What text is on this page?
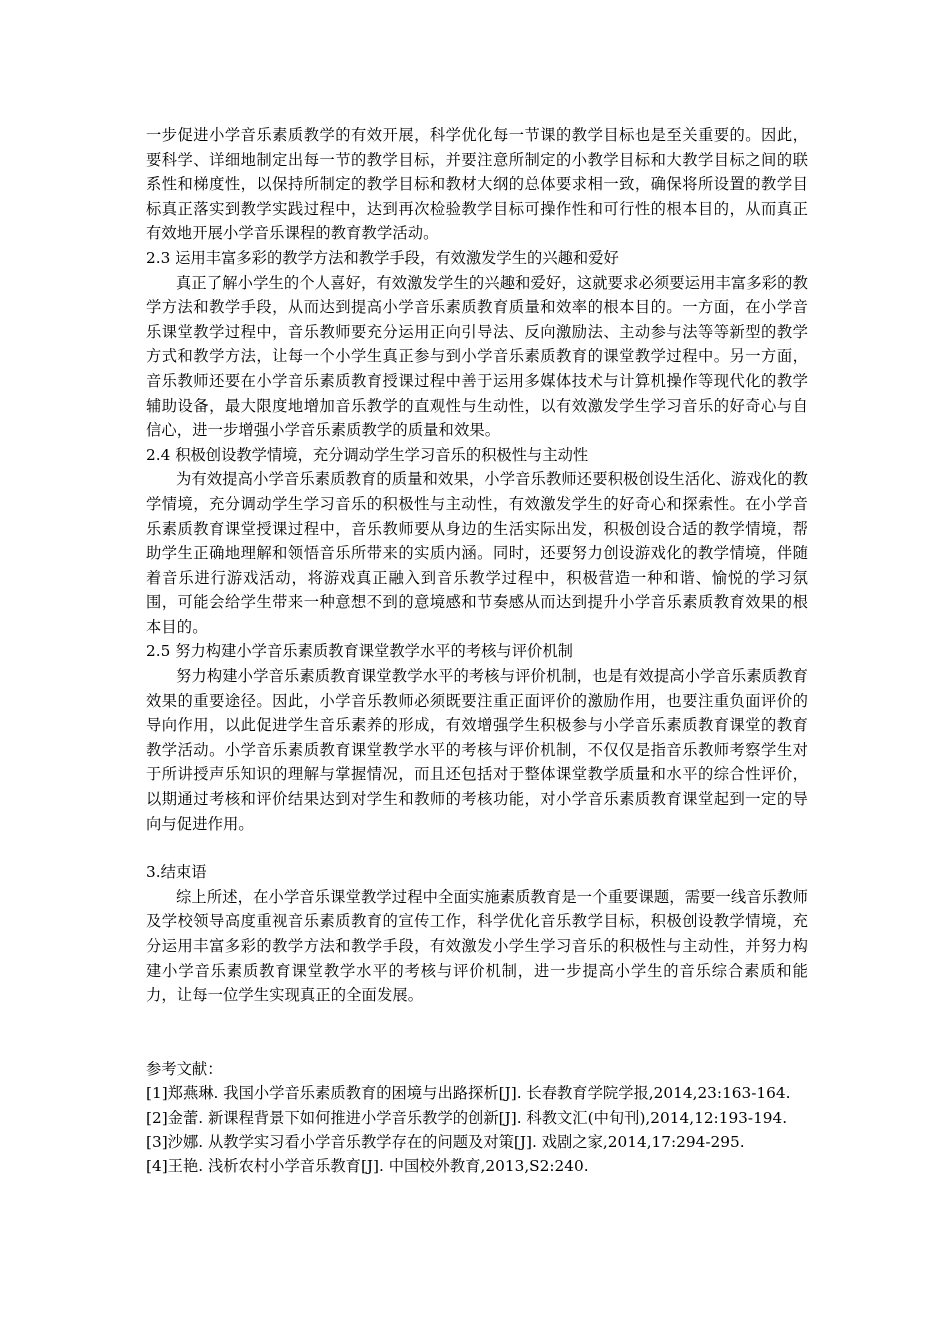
一步促进小学音乐素质教学的有效开展，科学优化每一节课的教学目标也是至关重要的。因此，要科学、详细地制定出每一节的教学目标，并要注意所制定的小教学目标和大教学目标之间的联系性和梯度性，以保持所制定的教学目标和教材大纲的总体要求相一致，确保将所设置的教学目标真正落实到教学实践过程中，达到再次检验教学目标可操作性和可行性的根本目的，从而真正有效地开展小学音乐课程的教育教学活动。

2.3 运用丰富多彩的教学方法和教学手段，有效激发学生的兴趣和爱好

真正了解小学生的个人喜好，有效激发学生的兴趣和爱好，这就要求必须要运用丰富多彩的教学方法和教学手段，从而达到提高小学音乐素质教育质量和效率的根本目的。一方面，在小学音乐课堂教学过程中，音乐教师要充分运用正向引导法、反向激励法、主动参与法等等新型的教学方式和教学方法，让每一个小学生真正参与到小学音乐素质教育的课堂教学过程中。另一方面，音乐教师还要在小学音乐素质教育授课过程中善于运用多媒体技术与计算机操作等现代化的教学辅助设备，最大限度地增加音乐教学的直观性与生动性，以有效激发学生学习音乐的好奇心与自信心，进一步增强小学音乐素质教学的质量和效果。

2.4 积极创设教学情境，充分调动学生学习音乐的积极性与主动性

为有效提高小学音乐素质教育的质量和效果，小学音乐教师还要积极创设生活化、游戏化的教学情境，充分调动学生学习音乐的积极性与主动性，有效激发学生的好奇心和探索性。在小学音乐素质教育课堂授课过程中，音乐教师要从身边的生活实际出发，积极创设合适的教学情境，帮助学生正确地理解和领悟音乐所带来的实质内涵。同时，还要努力创设游戏化的教学情境，伴随着音乐进行游戏活动，将游戏真正融入到音乐教学过程中，积极营造一种和谐、愉悦的学习氛围，可能会给学生带来一种意想不到的意境感和节奏感从而达到提升小学音乐素质教育效果的根本目的。

2.5 努力构建小学音乐素质教育课堂教学水平的考核与评价机制

努力构建小学音乐素质教育课堂教学水平的考核与评价机制，也是有效提高小学音乐素质教育效果的重要途径。因此，小学音乐教师必须既要注重正面评价的激励作用，也要注重负面评价的导向作用，以此促进学生音乐素养的形成，有效增强学生积极参与小学音乐素质教育课堂的教育教学活动。小学音乐素质教育课堂教学水平的考核与评价机制，不仅仅是指音乐教师考察学生对于所讲授声乐知识的理解与掌握情况，而且还包括对于整体课堂教学质量和水平的综合性评价，以期通过考核和评价结果达到对学生和教师的考核功能，对小学音乐素质教育课堂起到一定的导向与促进作用。

3.结束语

综上所述，在小学音乐课堂教学过程中全面实施素质教育是一个重要课题，需要一线音乐教师及学校领导高度重视音乐素质教育的宣传工作，科学优化音乐教学目标，积极创设教学情境，充分运用丰富多彩的教学方法和教学手段，有效激发小学生学习音乐的积极性与主动性，并努力构建小学音乐素质教育课堂教学水平的考核与评价机制，进一步提高小学生的音乐综合素质和能力，让每一位学生实现真正的全面发展。

参考文献：

[1]郑燕琳. 我国小学音乐素质教育的困境与出路探析[J]. 长春教育学院学报,2014,23:163-164.

[2]金蕾. 新课程背景下如何推进小学音乐教学的创新[J]. 科教文汇(中旬刊),2014,12:193-194.

[3]沙娜. 从教学实习看小学音乐教学存在的问题及对策[J]. 戏剧之家,2014,17:294-295.

[4]王艳. 浅析农村小学音乐教育[J]. 中国校外教育,2013,S2:240.
